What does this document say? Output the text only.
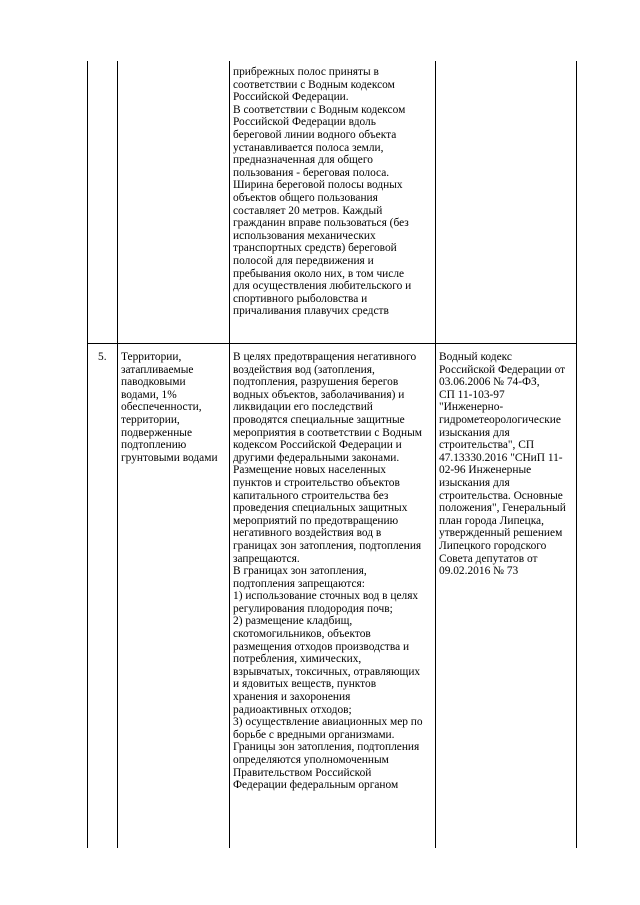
прибрежных полос приняты в
соответствии с Водным кодексом
Российской Федерации.
В соответствии с Водным кодексом
Российской Федерации вдоль
береговой линии водного объекта
устанавливается полоса земли,
предназначенная для общего
пользования - береговая полоса.
Ширина береговой полосы водных
объектов общего пользования
составляет 20 метров. Каждый
гражданин вправе пользоваться (без
использования механических
транспортных средств) береговой
полосой для передвижения и
пребывания около них, в том числе
для осуществления любительского и
спортивного рыболовства и
причаливания плавучих средств
5. Территории,
затапливаемые
паводковыми
водами, 1%
обеспеченности,
территории,
подверженные
подтоплению
грунтовыми водами
В целях предотвращения негативного
воздействия вод (затопления,
подтопления, разрушения берегов
водных объектов, заболачивания) и
ликвидации его последствий
проводятся специальные защитные
мероприятия в соответствии с Водным
кодексом Российской Федерации и
другими федеральными законами.
Размещение новых населенных
пунктов и строительство объектов
капитального строительства без
проведения специальных защитных
мероприятий по предотвращению
негативного воздействия вод в
границах зон затопления, подтопления
запрещаются.
В границах зон затопления,
подтопления запрещаются:
1) использование сточных вод в целях
регулирования плодородия почв;
2) размещение кладбищ,
скотомогильников, объектов
размещения отходов производства и
потребления, химических,
взрывчатых, токсичных, отравляющих
и ядовитых веществ, пунктов
хранения и захоронения
радиоактивных отходов;
3) осуществление авиационных мер по
борьбе с вредными организмами.
Границы зон затопления, подтопления
определяются уполномоченным
Правительством Российской
Федерации федеральным органом
Водный кодекс
Российской Федерации от
03.06.2006 № 74-ФЗ,
СП 11-103-97
"Инженерно-
гидрометеорологические
изыскания для
строительства", СП
47.13330.2016 "СНиП 11-
02-96 Инженерные
изыскания для
строительства. Основные
положения", Генеральный
план города Липецка,
утвержденный решением
Липецкого городского
Совета депутатов от
09.02.2016 № 73
